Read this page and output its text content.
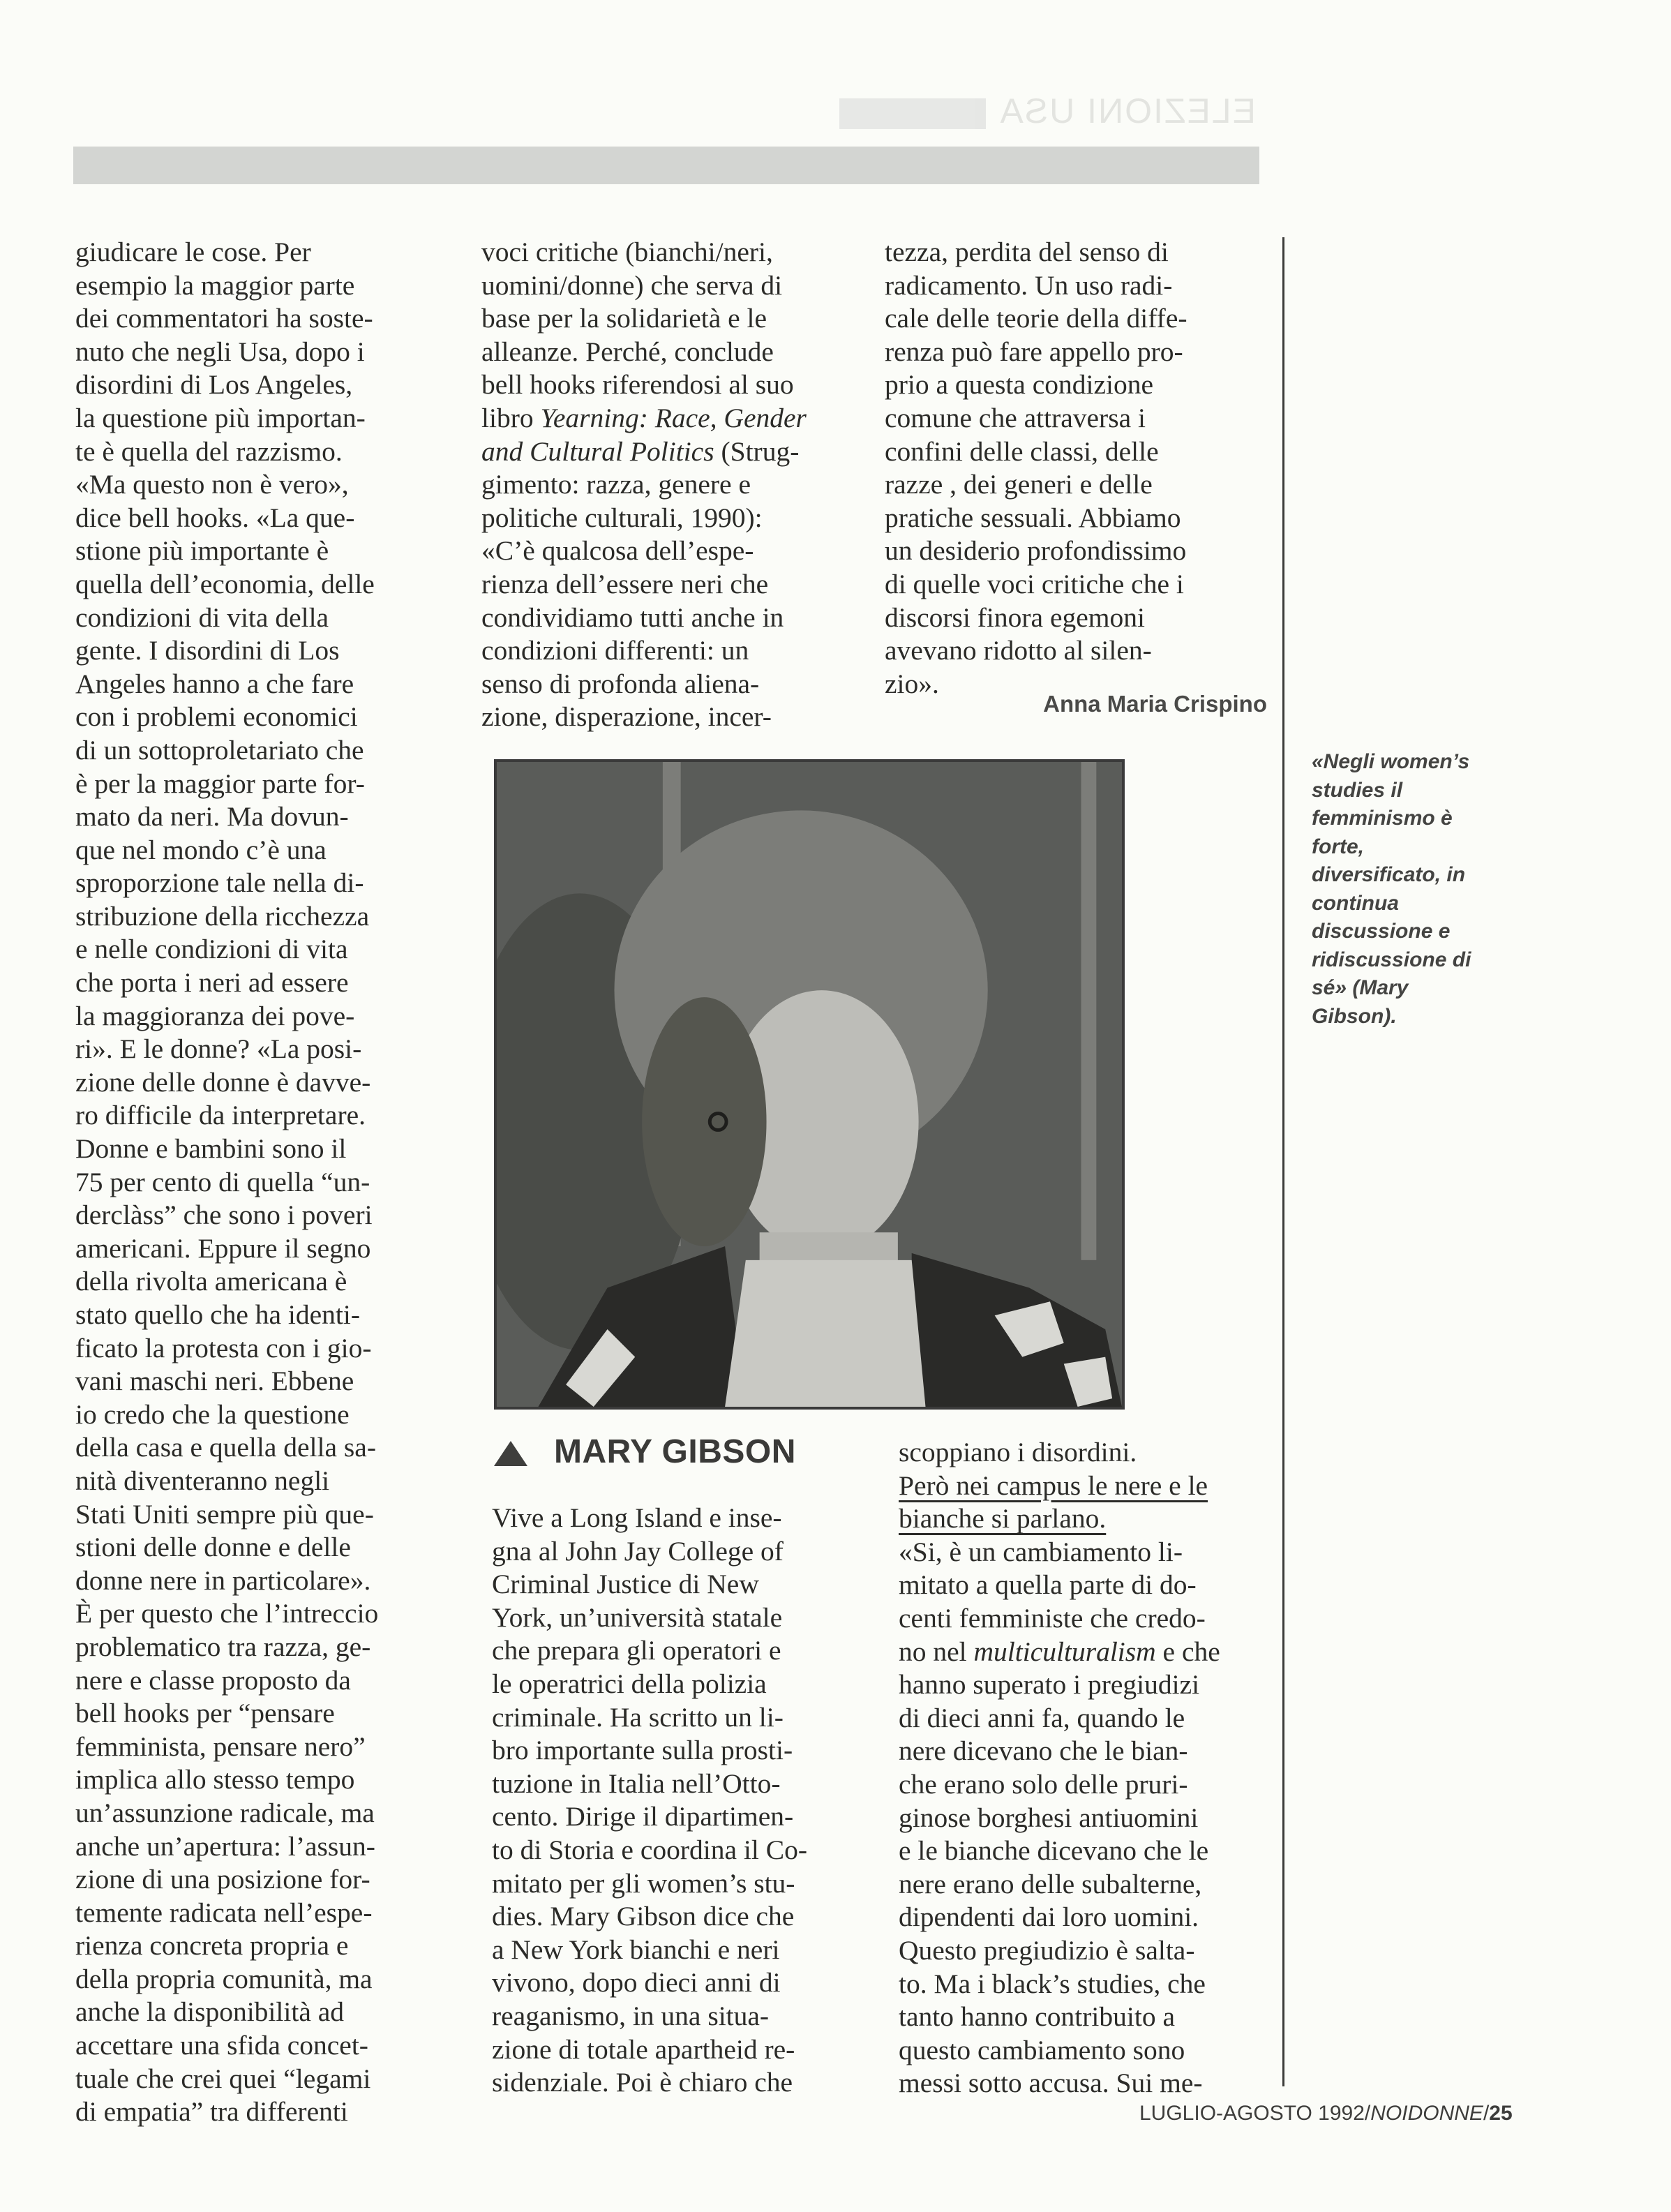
ELEZIONI USA
giudicare le cose. Per
esempio la maggior parte
dei commentatori ha soste-
nuto che negli Usa, dopo i
disordini di Los Angeles,
la questione più importan-
te è quella del razzismo.
«Ma questo non è vero»,
dice bell hooks. «La que-
stione più importante è
quella dell’economia, delle
condizioni di vita della
gente. I disordini di Los
Angeles hanno a che fare
con i problemi economici
di un sottoproletariato che
è per la maggior parte for-
mato da neri. Ma dovun-
que nel mondo c’è una
sproporzione tale nella di-
stribuzione della ricchezza
e nelle condizioni di vita
che porta i neri ad essere
la maggioranza dei pove-
ri». E le donne? «La posi-
zione delle donne è davve-
ro difficile da interpretare.
Donne e bambini sono il
75 per cento di quella “un-
derclàss” che sono i poveri
americani. Eppure il segno
della rivolta americana è
stato quello che ha identi-
ficato la protesta con i gio-
vani maschi neri. Ebbene
io credo che la questione
della casa e quella della sa-
nità diventeranno negli
Stati Uniti sempre più que-
stioni delle donne e delle
donne nere in particolare».
È per questo che l’intreccio
problematico tra razza, ge-
nere e classe proposto da
bell hooks per “pensare
femminista, pensare nero”
implica allo stesso tempo
un’assunzione radicale, ma
anche un’apertura: l’assun-
zione di una posizione for-
temente radicata nell’espe-
rienza concreta propria e
della propria comunità, ma
anche la disponibilità ad
accettare una sfida concet-
tuale che crei quei “legami
di empatia” tra differenti
voci critiche (bianchi/neri,
uomini/donne) che serva di
base per la solidarietà e le
alleanze. Perché, conclude
bell hooks riferendosi al suo
libro Yearning: Race, Gender
and Cultural Politics (Strug-
gimento: razza, genere e
politiche culturali, 1990):
«C’è qualcosa dell’espe-
rienza dell’essere neri che
condividiamo tutti anche in
condizioni differenti: un
senso di profonda aliena-
zione, disperazione, incer-
tezza, perdita del senso di
radicamento. Un uso radi-
cale delle teorie della diffe-
renza può fare appello pro-
prio a questa condizione
comune che attraversa i
confini delle classi, delle
razze , dei generi e delle
pratiche sessuali. Abbiamo
un desiderio profondissimo
di quelle voci critiche che i
discorsi finora egemoni
avevano ridotto al silen-
zio».
Anna Maria Crispino
«Negli women’s studies il femminismo è forte, diversificato, in continua discussione e ridiscussione di sé» (Mary Gibson).
MARY GIBSON
Vive a Long Island e inse-
gna al John Jay College of
Criminal Justice di New
York, un’università statale
che prepara gli operatori e
le operatrici della polizia
criminale. Ha scritto un li-
bro importante sulla prosti-
tuzione in Italia nell’Otto-
cento. Dirige il dipartimen-
to di Storia e coordina il Co-
mitato per gli women’s stu-
dies. Mary Gibson dice che
a New York bianchi e neri
vivono, dopo dieci anni di
reaganismo, in una situa-
zione di totale apartheid re-
sidenziale. Poi è chiaro che
scoppiano i disordini.
Però nei campus le nere e le
bianche si parlano.
«Si, è un cambiamento li-
mitato a quella parte di do-
centi femministe che credo-
no nel multiculturalism e che
hanno superato i pregiudizi
di dieci anni fa, quando le
nere dicevano che le bian-
che erano solo delle pruri-
ginose borghesi antiuomini
e le bianche dicevano che le
nere erano delle subalterne,
dipendenti dai loro uomini.
Questo pregiudizio è salta-
to. Ma i black’s studies, che
tanto hanno contribuito a
questo cambiamento sono
messi sotto accusa. Sui me-
LUGLIO-AGOSTO 1992/NOIDONNE/25
